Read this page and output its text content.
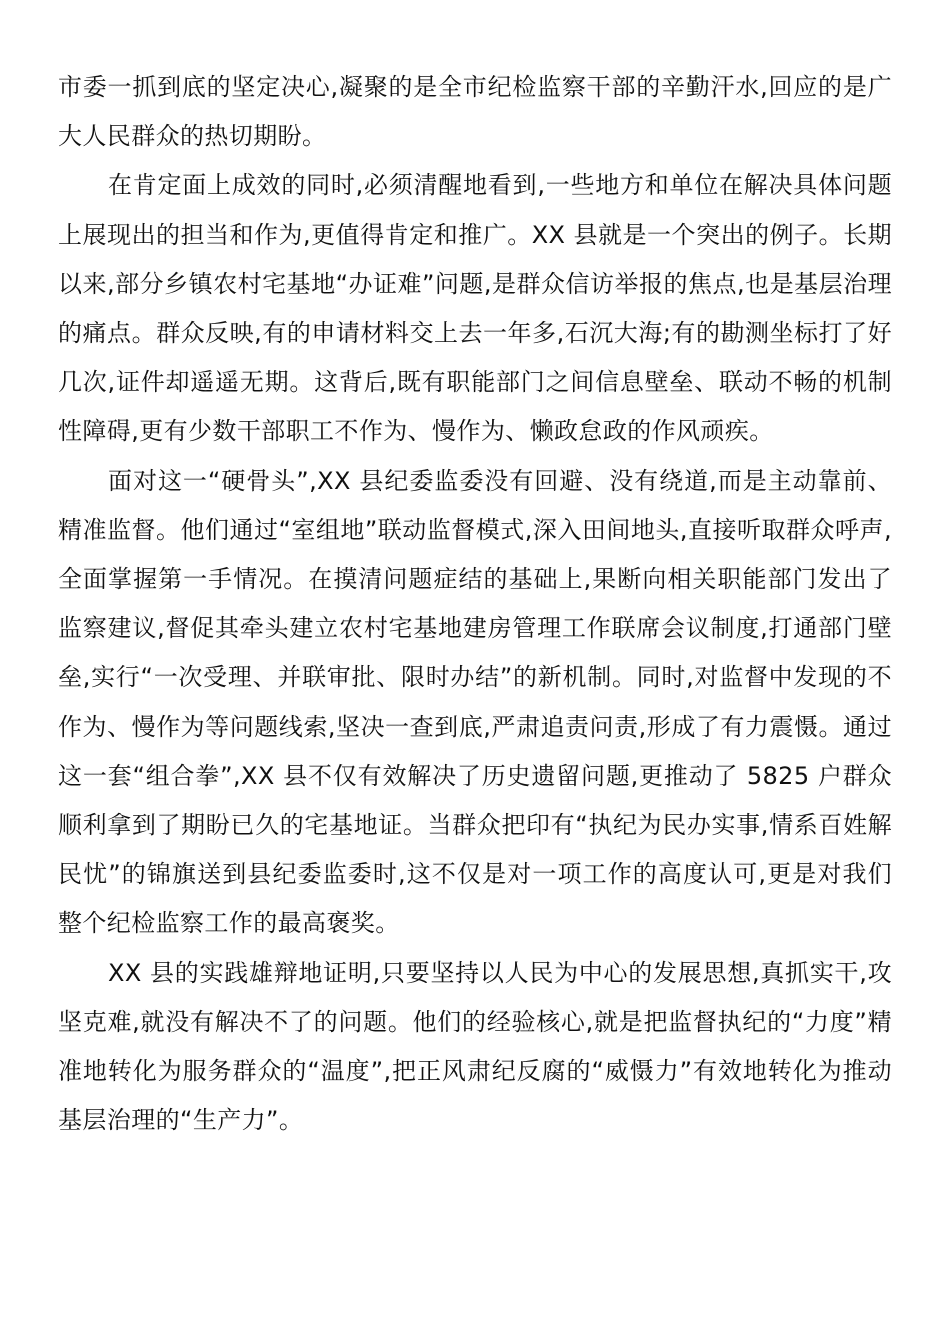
市委一抓到底的坚定决心,凝聚的是全市纪检监察干部的辛勤汗水,回应的是广大人民群众的热切期盼。

在肯定面上成效的同时,必须清醒地看到,一些地方和单位在解决具体问题上展现出的担当和作为,更值得肯定和推广。XX 县就是一个突出的例子。长期以来,部分乡镇农村宅基地“办证难”问题,是群众信访举报的焦点,也是基层治理的痛点。群众反映,有的申请材料交上去一年多,石沉大海;有的勘测坐标打了好几次,证件却遥遥无期。这背后,既有职能部门之间信息壁垒、联动不畅的机制性障碍,更有少数干部职工不作为、慢作为、懒政怠政的作风顽疾。

面对这一“硬骨头”,XX 县纪委监委没有回避、没有绕道,而是主动靠前、精准监督。他们通过“室组地”联动监督模式,深入田间地头,直接听取群众呼声,全面掌握第一手情况。在摸清问题症结的基础上,果断向相关职能部门发出了监察建议,督促其牵头建立农村宅基地建房管理工作联席会议制度,打通部门壁垒,实行“一次受理、并联审批、限时办结”的新机制。同时,对监督中发现的不作为、慢作为等问题线索,坚决一查到底,严肃追责问责,形成了有力震慑。通过这一套“组合拳”,XX 县不仅有效解决了历史遗留问题,更推动了 5825 户群众顺利拿到了期盼已久的宅基地证。当群众把印有“执纪为民办实事,情系百姓解民忧”的锦旗送到县纪委监委时,这不仅是对一项工作的高度认可,更是对我们整个纪检监察工作的最高褒奖。

XX 县的实践雄辩地证明,只要坚持以人民为中心的发展思想,真抓实干,攻坚克难,就没有解决不了的问题。他们的经验核心,就是把监督执纪的“力度”精准地转化为服务群众的“温度”,把正风肃纪反腐的“威慑力”有效地转化为推动基层治理的“生产力”。
